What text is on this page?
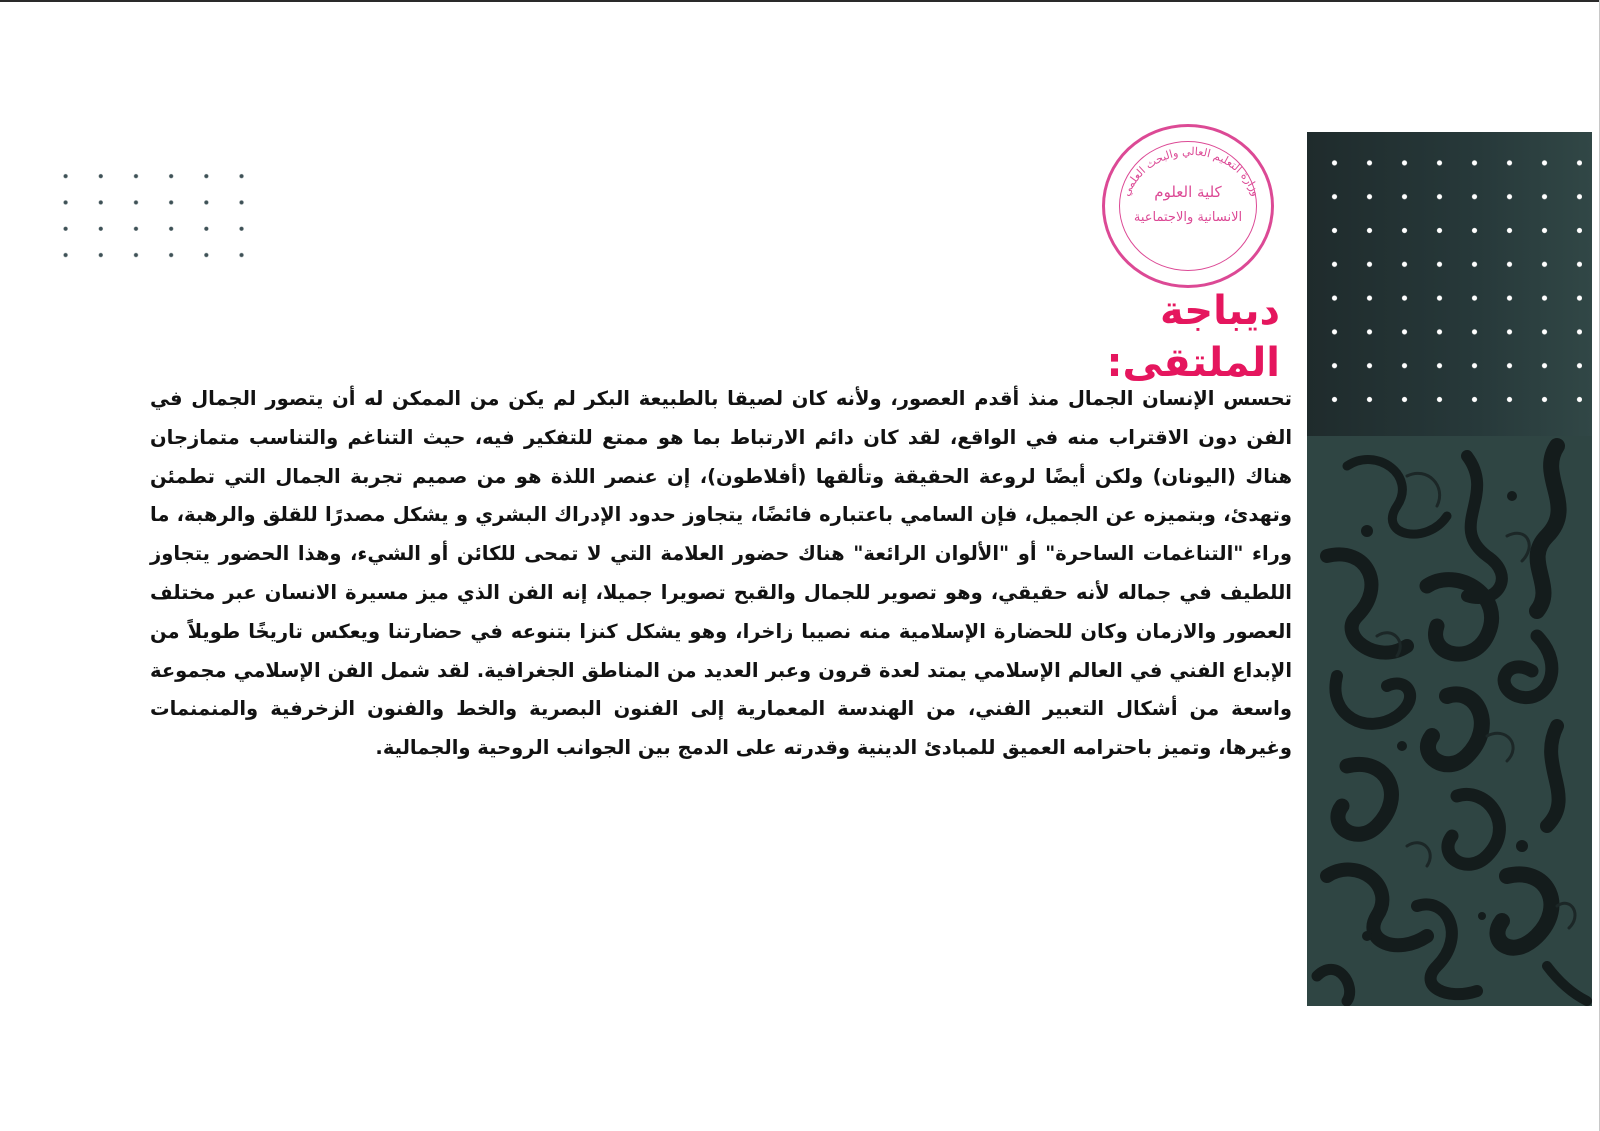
وزارة التعليم العالي والبحث العلمي
كلية العلوم
الانسانية والاجتماعية
ديباجة الملتقى:

تحسس الإنسان الجمال منذ أقدم العصور، ولأنه كان لصيقا بالطبيعة البكر لم يكن من الممكن له أن يتصور الجمال في الفن دون الاقتراب منه في الواقع، لقد كان دائم الارتباط بما هو ممتع للتفكير فيه، حيث التناغم والتناسب متمازجان هناك (اليونان) ولكن أيضًا لروعة الحقيقة وتألقها (أفلاطون)، إن عنصر اللذة هو من صميم تجربة الجمال التي تطمئن وتهدئ، وبتميزه عن الجميل، فإن السامي باعتباره فائضًا، يتجاوز حدود الإدراك البشري و يشكل مصدرًا للقلق والرهبة، ما وراء "التناغمات الساحرة" أو "الألوان الرائعة" هناك حضور العلامة التي لا تمحى للكائن أو الشيء، وهذا الحضور يتجاوز اللطيف في جماله لأنه حقيقي، وهو تصوير للجمال والقبح تصويرا جميلا، إنه الفن الذي ميز مسيرة الانسان عبر مختلف العصور والازمان وكان للحضارة الإسلامية منه نصيبا زاخرا، وهو يشكل كنزا بتنوعه في حضارتنا ويعكس تاريخًا طويلاً من الإبداع الفني في العالم الإسلامي يمتد لعدة قرون وعبر العديد من المناطق الجغرافية. لقد شمل الفن الإسلامي مجموعة واسعة من أشكال التعبير الفني، من الهندسة المعمارية إلى الفنون البصرية والخط والفنون الزخرفية والمنمنمات وغيرها، وتميز باحترامه العميق للمبادئ الدينية وقدرته على الدمج بين الجوانب الروحية والجمالية.
